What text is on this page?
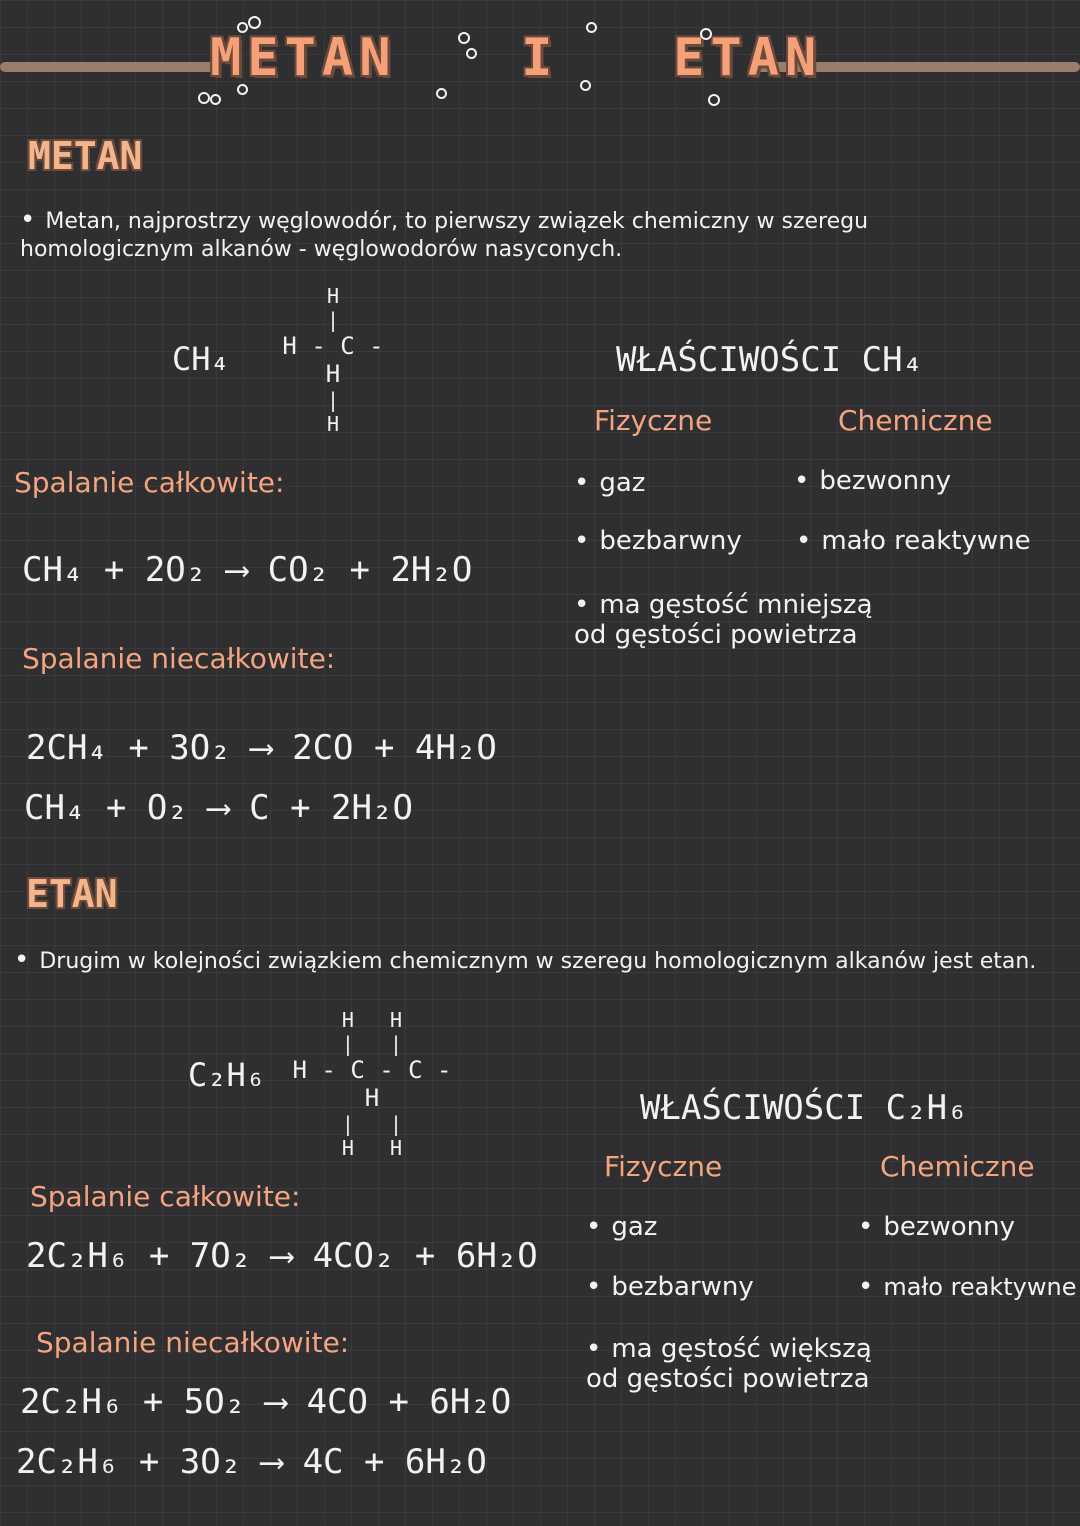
METAN I ETAN
METAN
• Metan, najprostrzy węglowodór, to pierwszy związek chemiczny w szeregu homologicznym alkanów - węglowodorów nasyconych.
CH₄
H
|
H - C - H
|
H
Spalanie całkowite:
CH₄ + 2O₂ ⟶ CO₂ + 2H₂O
Spalanie niecałkowite:
2CH₄ + 3O₂ ⟶ 2CO + 4H₂O
CH₄ + O₂ ⟶ C + 2H₂O
WŁAŚCIWOŚCI CH₄
Fizyczne	Chemiczne
• gaz
• bezbarwny
• ma gęstość mniejszą od gęstości powietrza
• bezwonny
• mało reaktywne
ETAN
• Drugim w kolejności związkiem chemicznym w szeregu homologicznym alkanów jest etan.
C₂H₆
H   H
|   |
H - C - C - H
|   |
H   H
Spalanie całkowite:
2C₂H₆ + 7O₂ ⟶ 4CO₂ + 6H₂O
Spalanie niecałkowite:
2C₂H₆ + 5O₂ ⟶ 4CO + 6H₂O
2C₂H₆ + 3O₂ ⟶ 4C + 6H₂O
WŁAŚCIWOŚCI C₂H₆
Fizyczne	Chemiczne
• gaz
• bezbarwny
• ma gęstość większą od gęstości powietrza
• bezwonny
• mało reaktywne
